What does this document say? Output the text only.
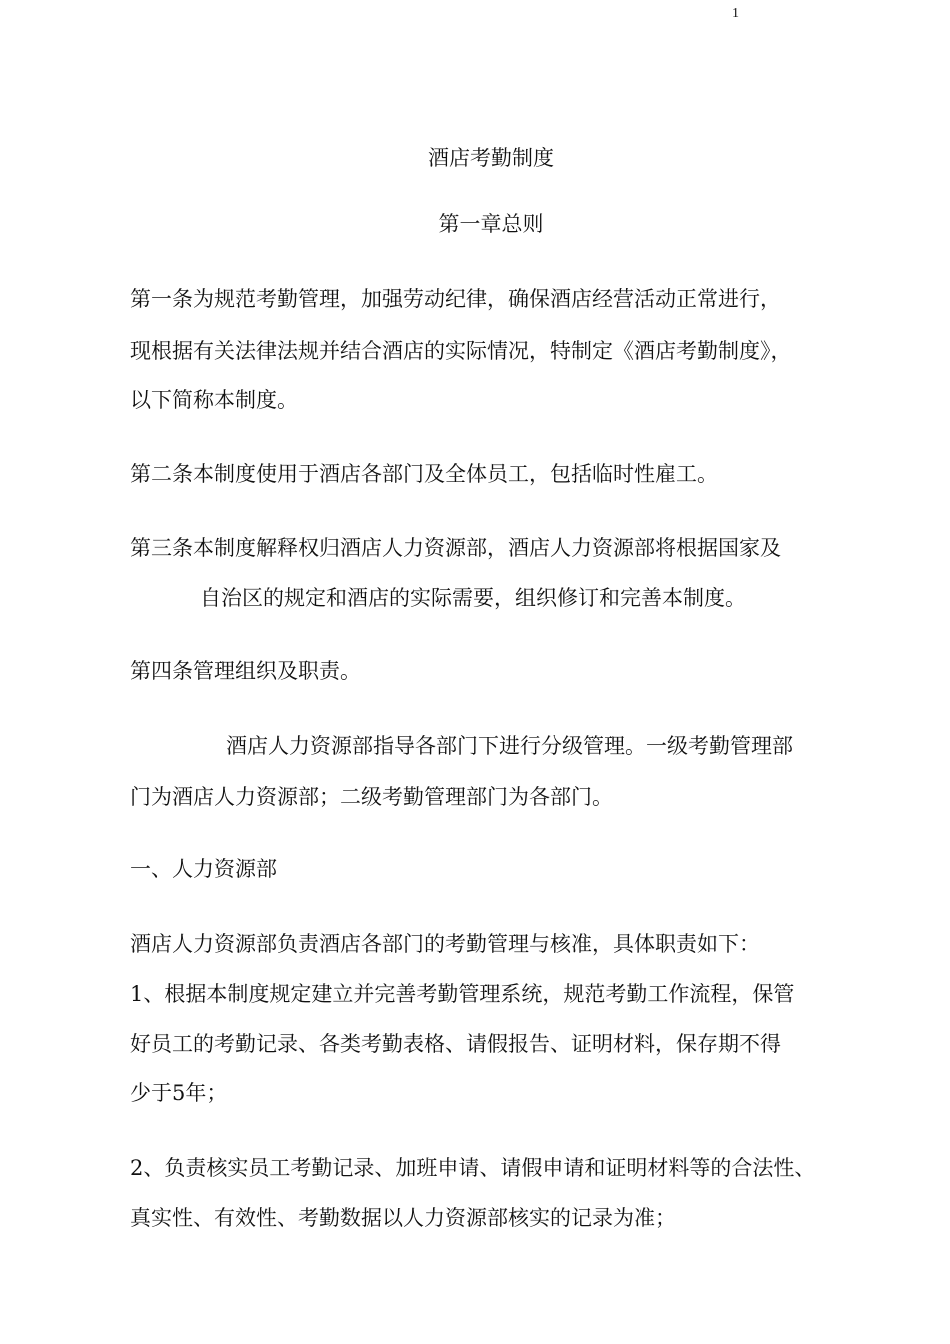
1
酒店考勤制度
第一章总则
第一条为规范考勤管理，加强劳动纪律，确保酒店经营活动正常进行，
现根据有关法律法规并结合酒店的实际情况，特制定《酒店考勤制度》，
以下简称本制度。
第二条本制度使用于酒店各部门及全体员工，包括临时性雇工。
第三条本制度解释权归酒店人力资源部，酒店人力资源部将根据国家及
自治区的规定和酒店的实际需要，组织修订和完善本制度。
第四条管理组织及职责。
酒店人力资源部指导各部门下进行分级管理。一级考勤管理部
门为酒店人力资源部；二级考勤管理部门为各部门。
一、人力资源部
酒店人力资源部负责酒店各部门的考勤管理与核准，具体职责如下：
1、根据本制度规定建立并完善考勤管理系统，规范考勤工作流程，保管
好员工的考勤记录、各类考勤表格、请假报告、证明材料，保存期不得
少于5年；
2、负责核实员工考勤记录、加班申请、请假申请和证明材料等的合法性、
真实性、有效性、考勤数据以人力资源部核实的记录为准；
